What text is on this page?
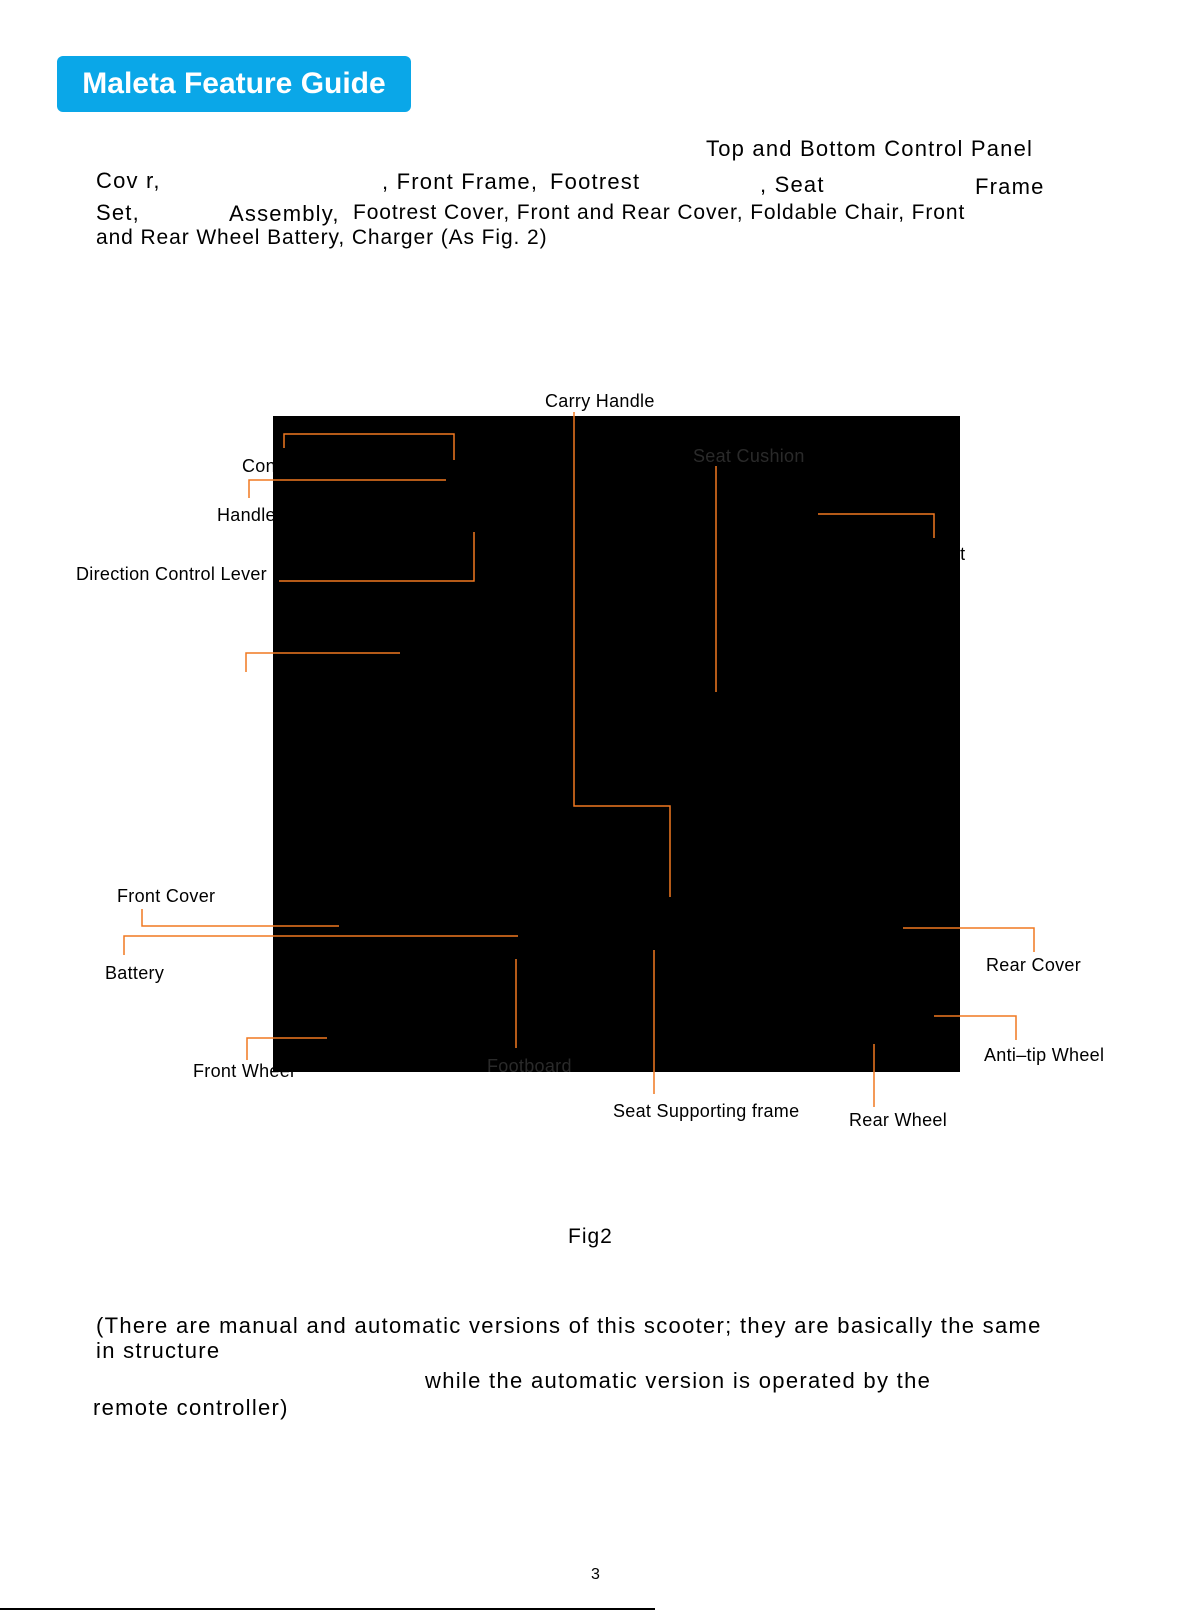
Maleta Feature Guide
Top and Bottom Control Panel
Cov r,	, Front Frame, Footrest	, Seat	Frame
Set,	Assembly, Footrest Cover, Front and Rear Cover, Foldable Chair, Front
and Rear Wheel Battery, Charger (As Fig. 2)
Carry Handle
Control Panel	Seat Cushion
Handle
Backrest
Direction Control Lever
Front Cover
Battery	Rear Cover
Anti–tip Wheel
Front Wheel	Footboard
Seat Supporting frame	Rear Wheel
Fig2
(There are manual and automatic versions of this scooter; they are basically the same
in structure
while the automatic version is operated by the
remote controller)
3
